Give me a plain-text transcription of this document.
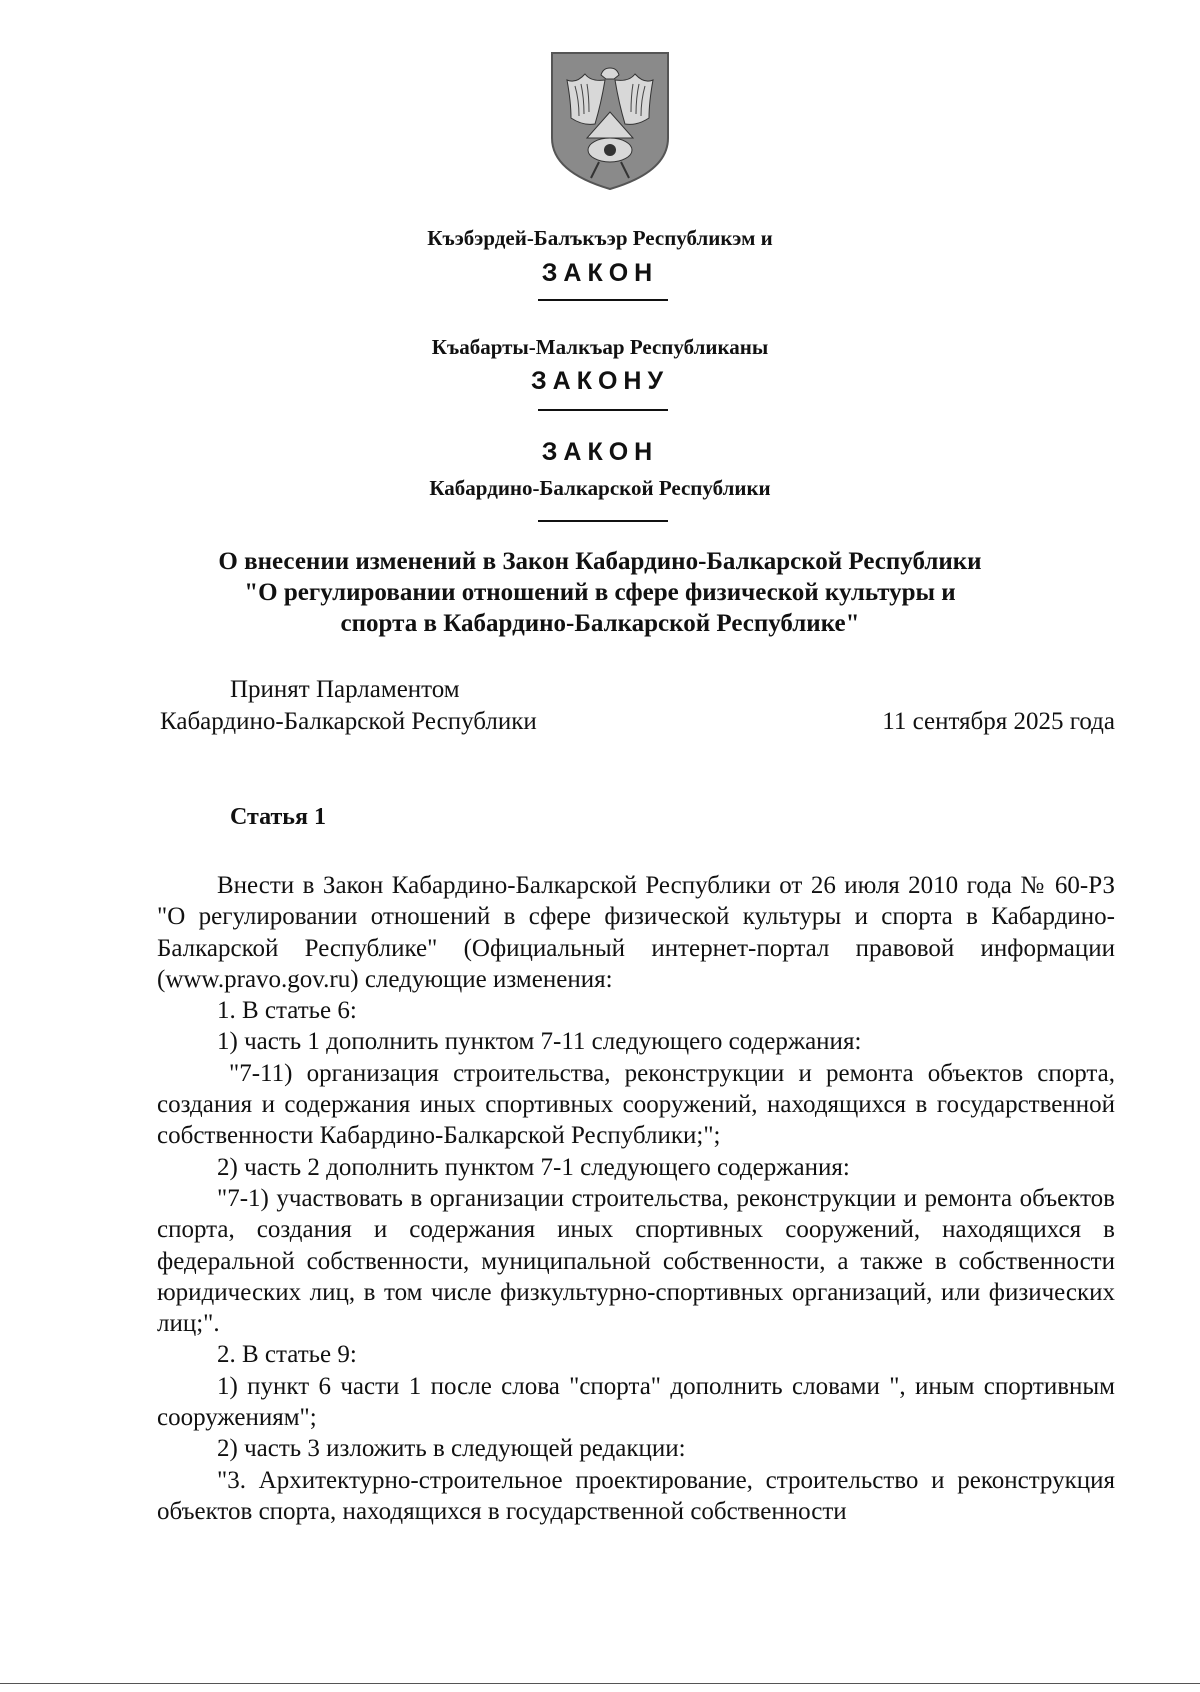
Къэбэрдей-Балъкъэр Республикэм и
ЗАКОН
Къабарты-Малкъар Республиканы
ЗАКОНУ
ЗАКОН
Кабардино-Балкарской Республики
О внесении изменений в Закон Кабардино-Балкарской Республики
"О регулировании отношений в сфере физической культуры и
спорта в Кабардино-Балкарской Республике"
Принят Парламентом
Кабардино-Балкарской Республики	11 сентября 2025 года
Статья 1

Внести в Закон Кабардино-Балкарской Республики от 26 июля 2010 года № 60-РЗ "О регулировании отношений в сфере физической культуры и спорта в Кабардино-Балкарской Республике" (Официальный интернет-портал правовой информации (www.pravo.gov.ru) следующие изменения:

1. В статье 6:

1) часть 1 дополнить пунктом 7-11 следующего содержания:

"7-11) организация строительства, реконструкции и ремонта объектов спорта, создания и содержания иных спортивных сооружений, находящихся в государственной собственности Кабардино-Балкарской Республики;";

2) часть 2 дополнить пунктом 7-1 следующего содержания:

"7-1) участвовать в организации строительства, реконструкции и ремонта объектов спорта, создания и содержания иных спортивных сооружений, находящихся в федеральной собственности, муниципальной собственности, а также в собственности юридических лиц, в том числе физкультурно-спортивных организаций, или физических лиц;".

2. В статье 9:

1) пункт 6 части 1 после слова "спорта" дополнить словами ", иным спортивным сооружениям";

2) часть 3 изложить в следующей редакции:

"3. Архитектурно-строительное проектирование, строительство и реконструкция объектов спорта, находящихся в государственной собственности
